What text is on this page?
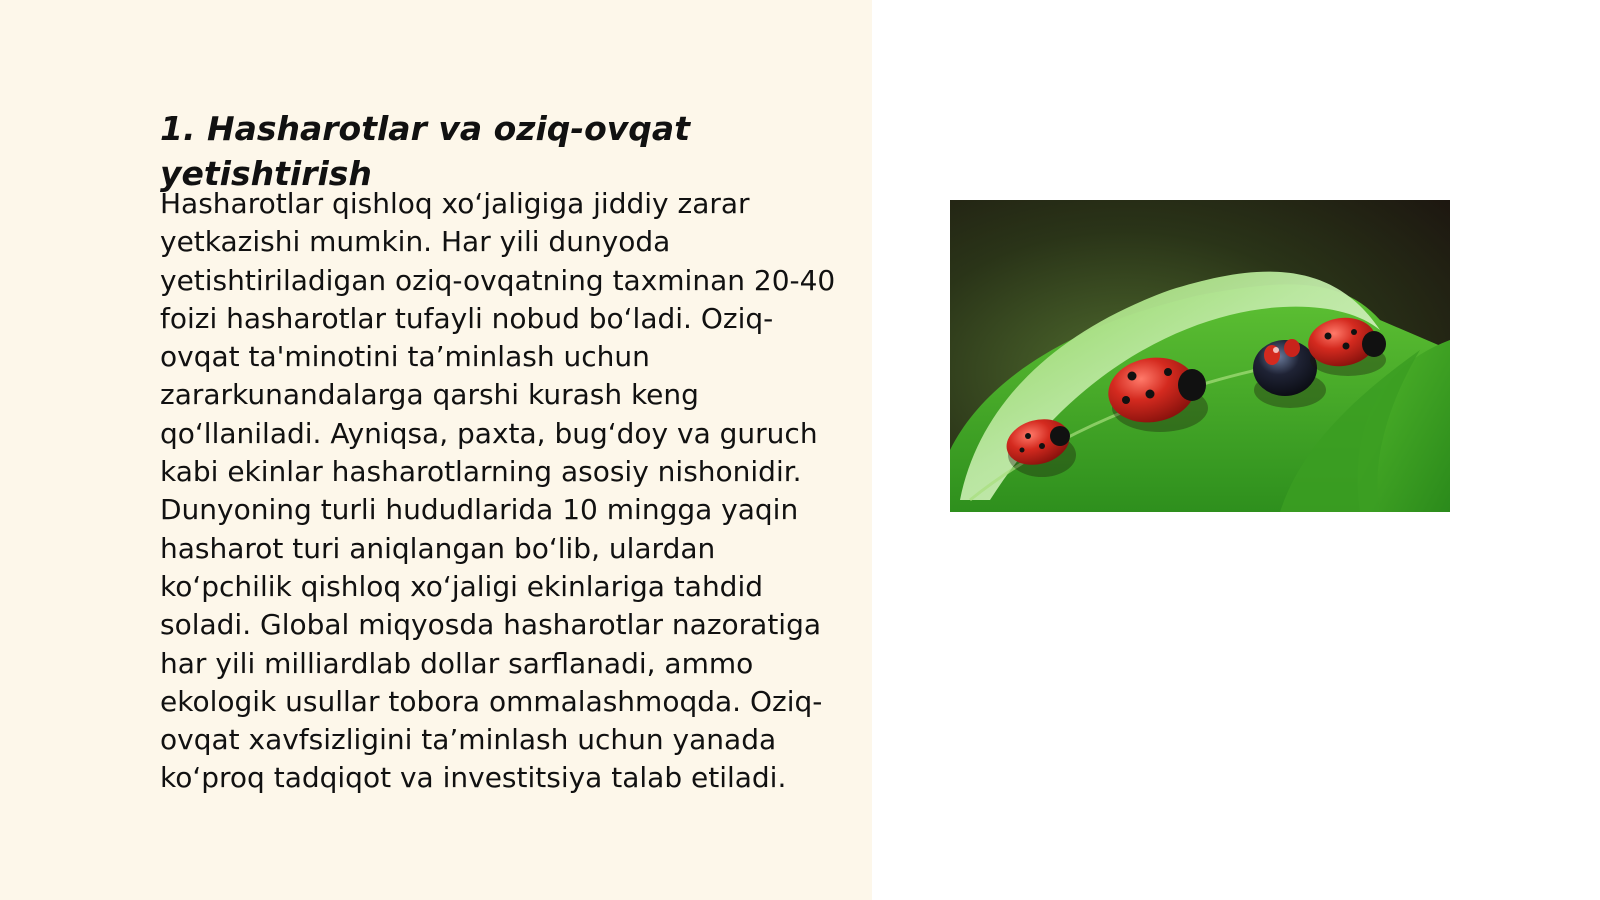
1. Hasharotlar va oziq-ovqat yetishtirish

Hasharotlar qishloq xo‘jaligiga jiddiy zarar yetkazishi mumkin. Har yili dunyoda yetishtiriladigan oziq-ovqatning taxminan 20-40 foizi hasharotlar tufayli nobud bo‘ladi. Oziq-ovqat ta'minotini ta’minlash uchun zararkunandalarga qarshi kurash keng qo‘llaniladi. Ayniqsa, paxta, bug‘doy va guruch kabi ekinlar hasharotlarning asosiy nishonidir. Dunyoning turli hududlarida 10 mingga yaqin hasharot turi aniqlangan bo‘lib, ulardan ko‘pchilik qishloq xo‘jaligi ekinlariga tahdid soladi. Global miqyosda hasharotlar nazoratiga har yili milliardlab dollar sarflanadi, ammo ekologik usullar tobora ommalashmoqda. Oziq-ovqat xavfsizligini ta’minlash uchun yanada ko‘proq tadqiqot va investitsiya talab etiladi.
